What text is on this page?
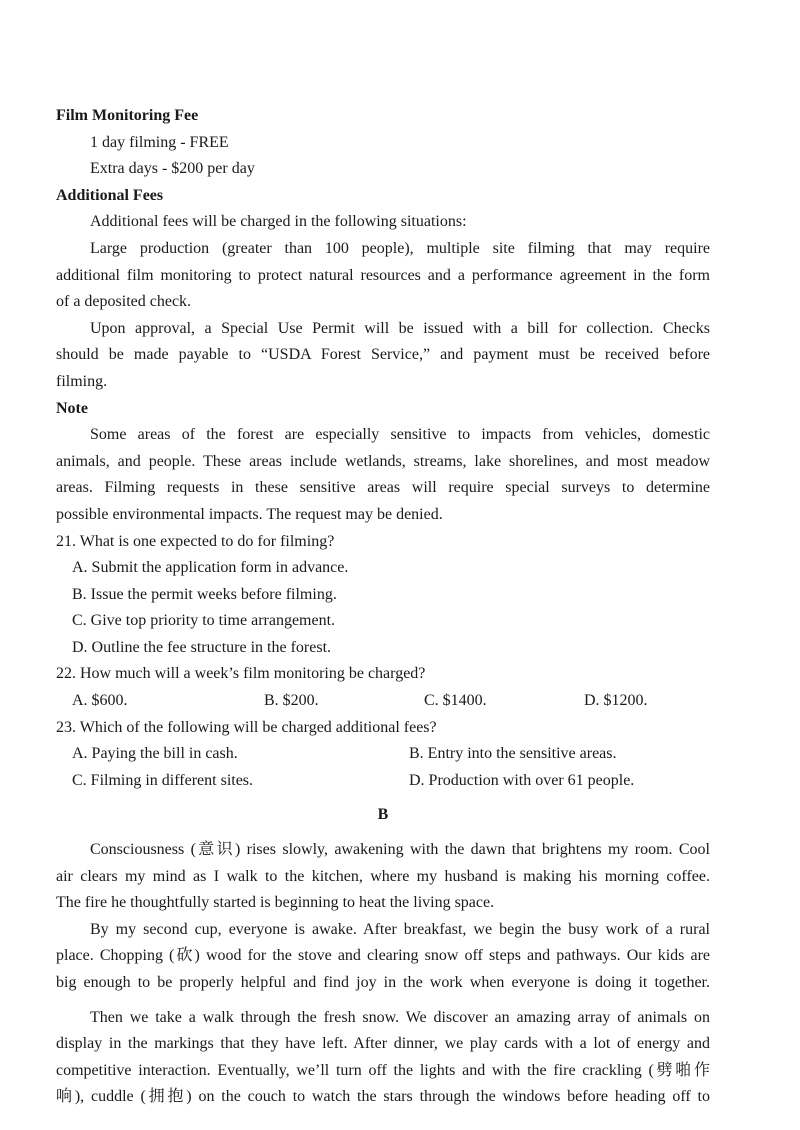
Film Monitoring Fee
1 day filming - FREE
Extra days - $200 per day
Additional Fees
Additional fees will be charged in the following situations:
Large production (greater than 100 people), multiple site filming that may require
additional film monitoring to protect natural resources and a performance agreement in the form
of a deposited check.
Upon approval, a Special Use Permit will be issued with a bill for collection. Checks
should be made payable to “USDA Forest Service,” and payment must be received before
filming.
Note
Some areas of the forest are especially sensitive to impacts from vehicles, domestic
animals, and people. These areas include wetlands, streams, lake shorelines, and most meadow
areas. Filming requests in these sensitive areas will require special surveys to determine
possible environmental impacts. The request may be denied.
21. What is one expected to do for filming?
A. Submit the application form in advance.
B. Issue the permit weeks before filming.
C. Give top priority to time arrangement.
D. Outline the fee structure in the forest.
22. How much will a week’s film monitoring be charged?
A. $600.	B. $200.	C. $1400.	D. $1200.
23. Which of the following will be charged additional fees?
A. Paying the bill in cash.	B. Entry into the sensitive areas.
C. Filming in different sites.	D. Production with over 61 people.
B
Consciousness (意识) rises slowly, awakening with the dawn that brightens my room. Cool
air clears my mind as I walk to the kitchen, where my husband is making his morning coffee.
The fire he thoughtfully started is beginning to heat the living space.
By my second cup, everyone is awake. After breakfast, we begin the busy work of a rural
place. Chopping (砍) wood for the stove and clearing snow off steps and pathways. Our kids are
big enough to be properly helpful and find joy in the work when everyone is doing it together.
Then we take a walk through the fresh snow. We discover an amazing array of animals on
display in the markings that they have left. After dinner, we play cards with a lot of energy and
competitive interaction. Eventually, we’ll turn off the lights and with the fire crackling (劈啪作
响), cuddle (拥抱) on the couch to watch the stars through the windows before heading off to
